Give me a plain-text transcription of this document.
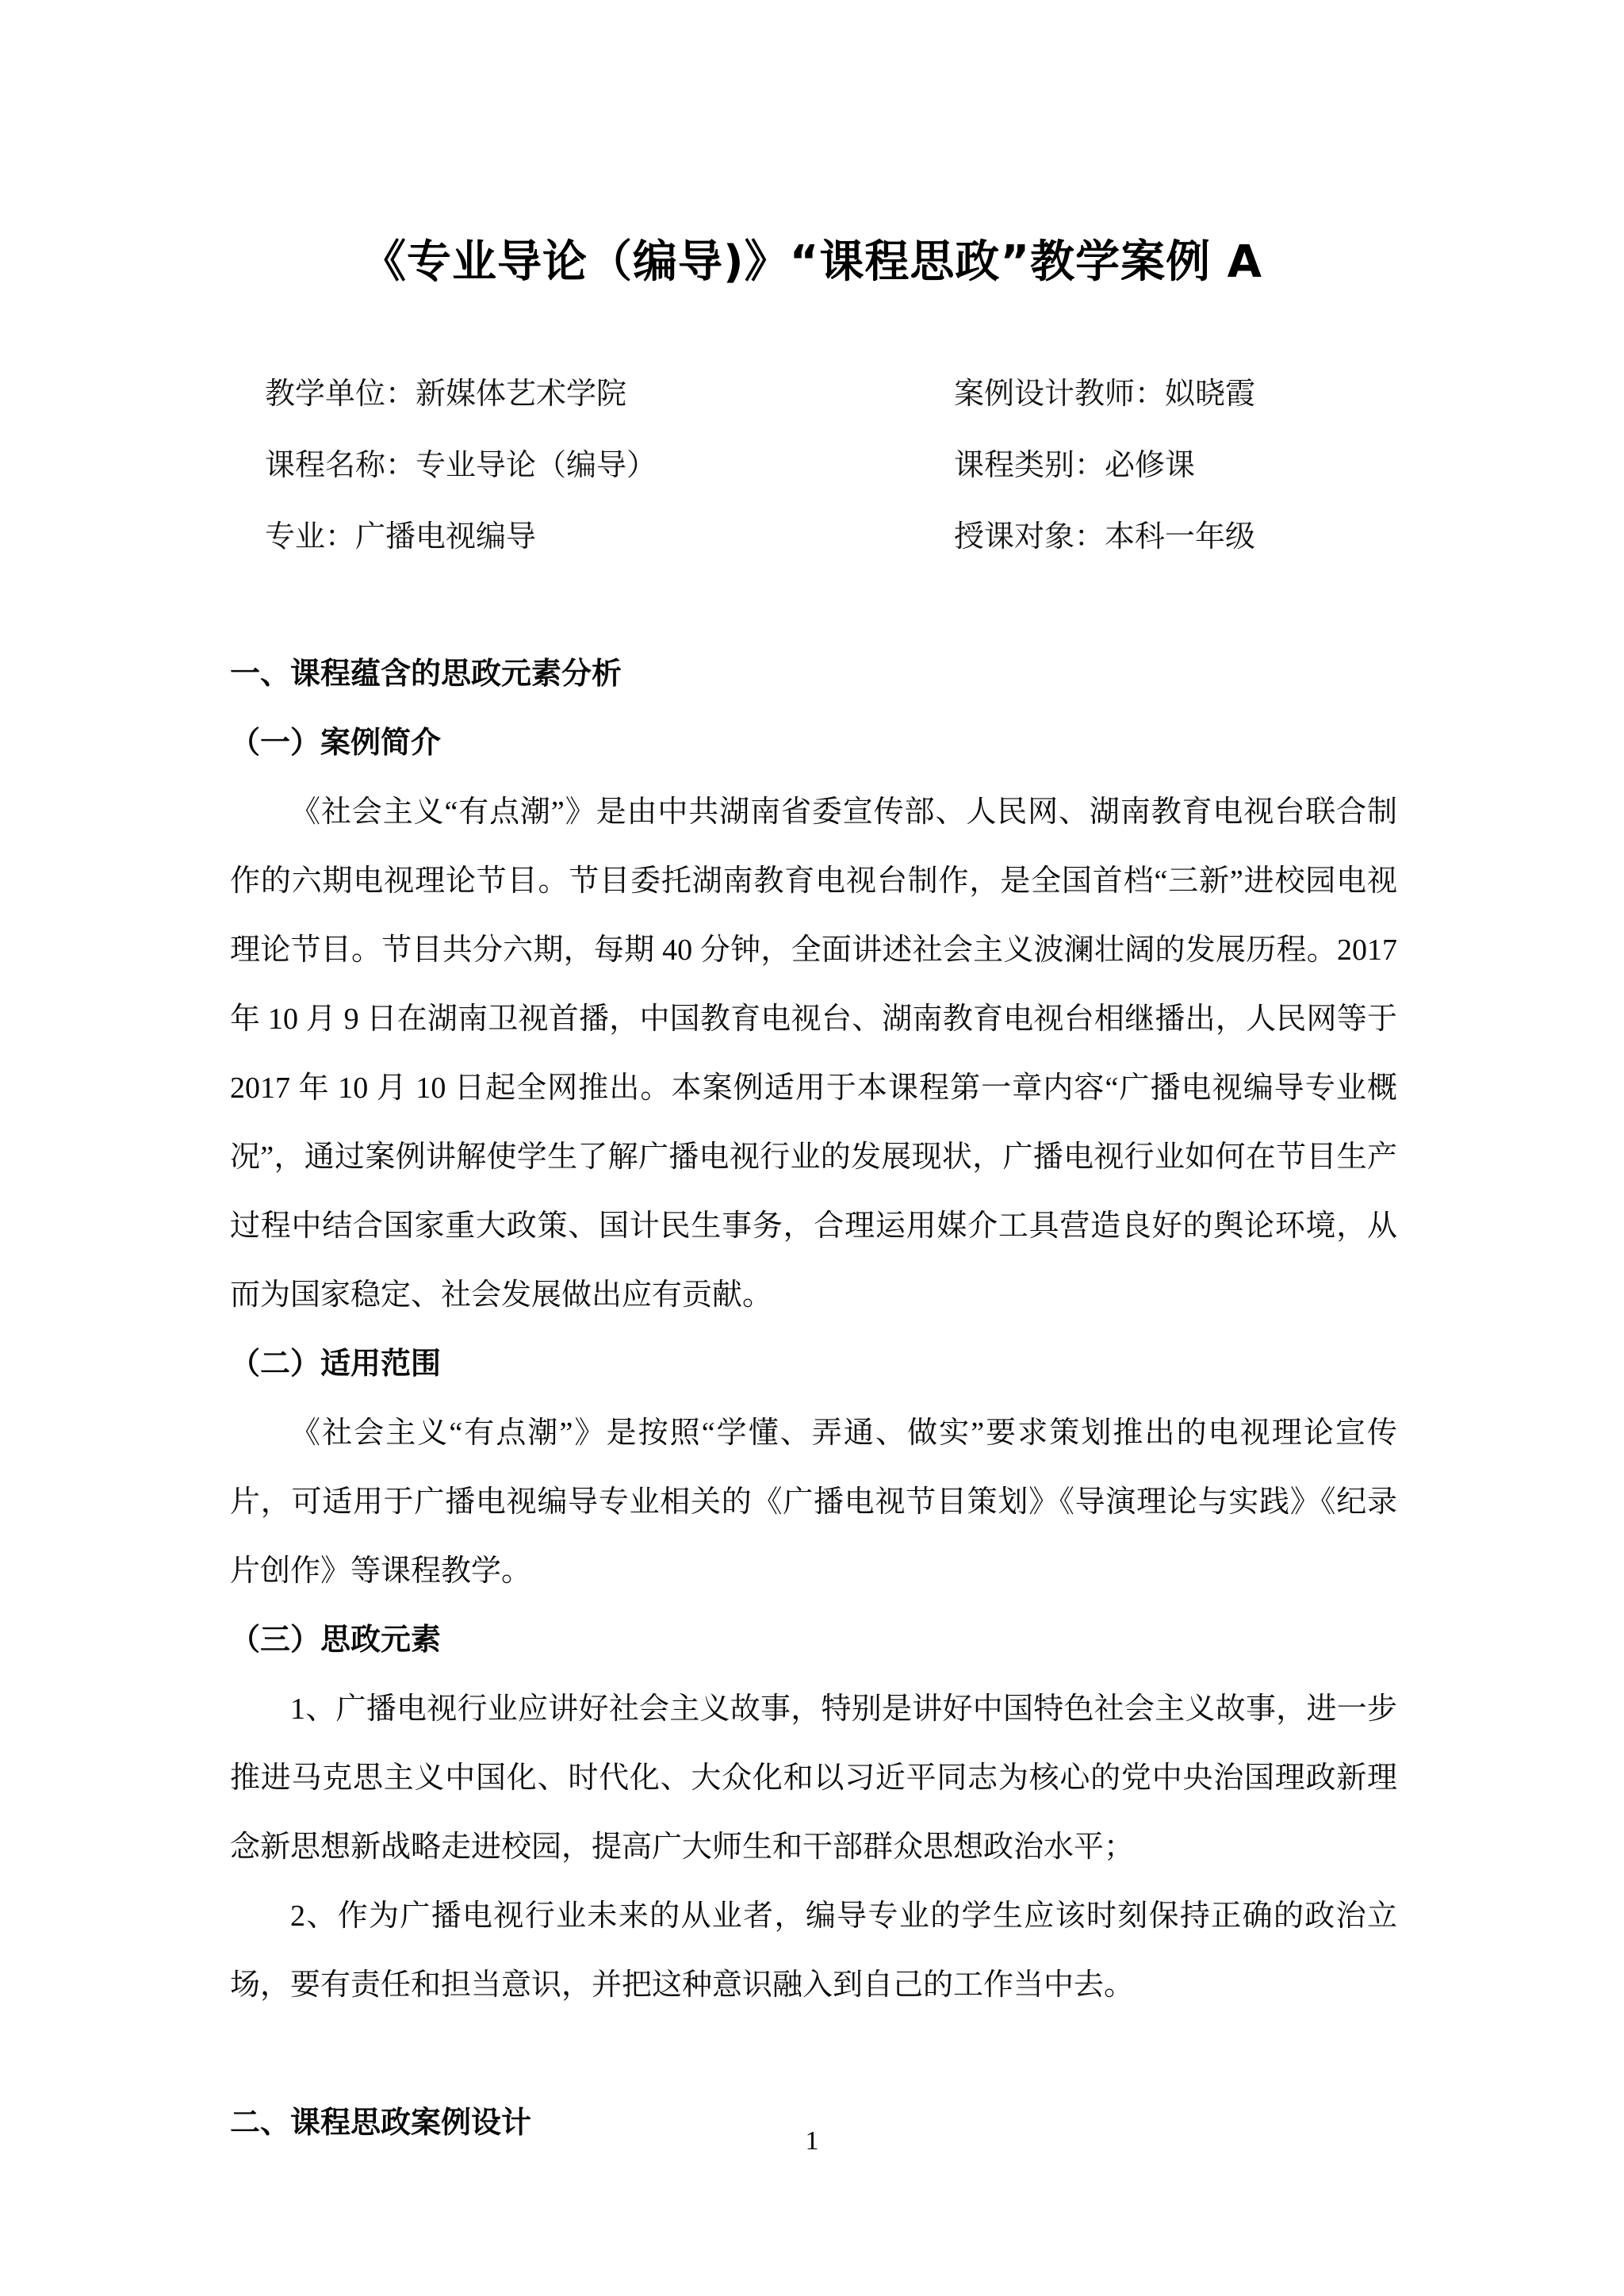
《专业导论（编导)》“课程思政”教学案例 A
教学单位：新媒体艺术学院	案例设计教师：姒晓霞
课程名称：专业导论（编导）	课程类别：必修课
专业：广播电视编导	授课对象：本科一年级
一、课程蕴含的思政元素分析
（一）案例简介

《社会主义“有点潮”》是由中共湖南省委宣传部、人民网、湖南教育电视台联合制作的六期电视理论节目。节目委托湖南教育电视台制作，是全国首档“三新”进校园电视理论节目。节目共分六期，每期 40 分钟，全面讲述社会主义波澜壮阔的发展历程。2017 年 10 月 9 日在湖南卫视首播，中国教育电视台、湖南教育电视台相继播出，人民网等于 2017 年 10 月 10 日起全网推出。本案例适用于本课程第一章内容“广播电视编导专业概况”，通过案例讲解使学生了解广播电视行业的发展现状，广播电视行业如何在节目生产过程中结合国家重大政策、国计民生事务，合理运用媒介工具营造良好的舆论环境，从而为国家稳定、社会发展做出应有贡献。

（二）适用范围

《社会主义“有点潮”》是按照“学懂、弄通、做实”要求策划推出的电视理论宣传片，可适用于广播电视编导专业相关的《广播电视节目策划》《导演理论与实践》《纪录片创作》等课程教学。

（三）思政元素

1、广播电视行业应讲好社会主义故事，特别是讲好中国特色社会主义故事，进一步推进马克思主义中国化、时代化、大众化和以习近平同志为核心的党中央治国理政新理念新思想新战略走进校园，提高广大师生和干部群众思想政治水平；

2、作为广播电视行业未来的从业者，编导专业的学生应该时刻保持正确的政治立场，要有责任和担当意识，并把这种意识融入到自己的工作当中去。

二、课程思政案例设计
1
